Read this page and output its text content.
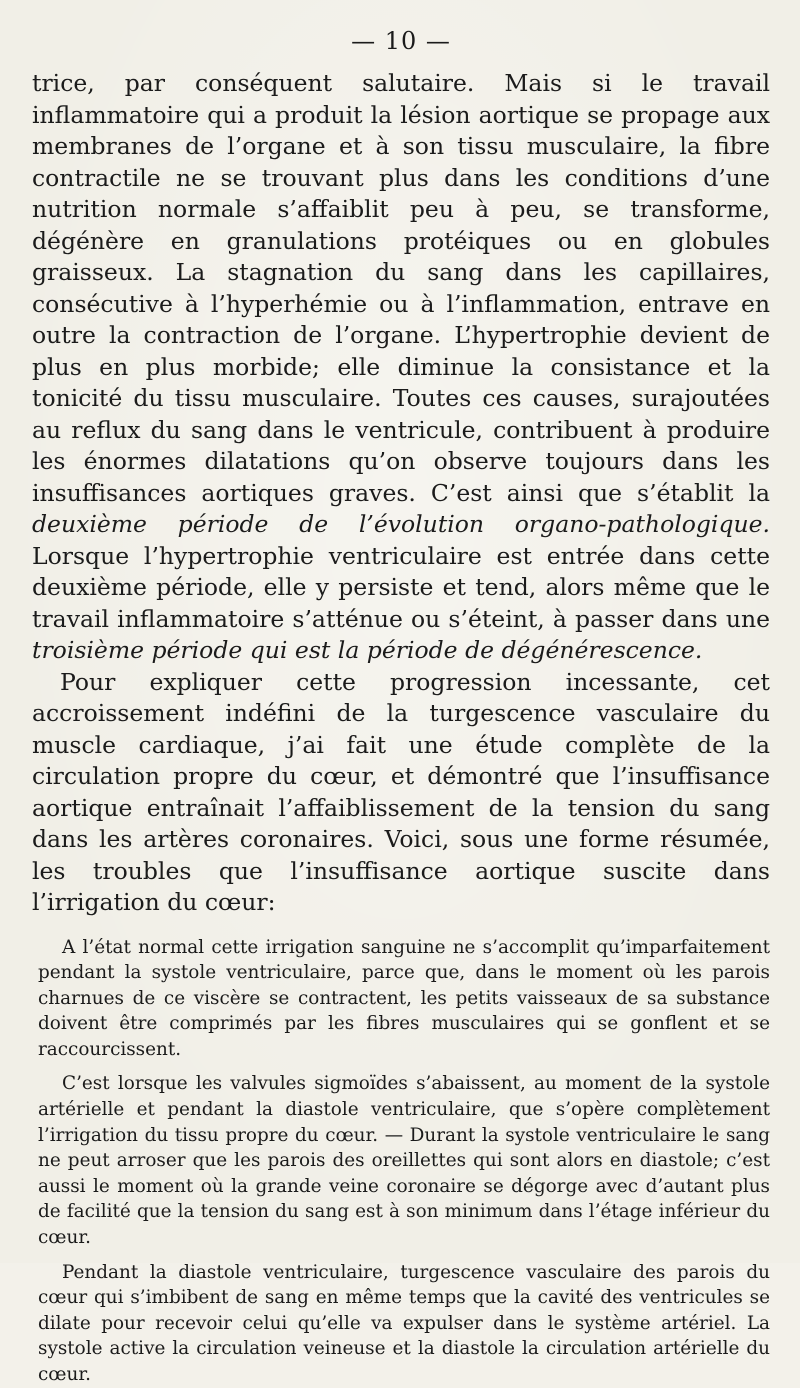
— 10 —

trice, par conséquent salutaire. Mais si le travail inflammatoire qui a produit la lésion aortique se propage aux membranes de l’organe et à son tissu musculaire, la fibre contractile ne se trouvant plus dans les conditions d’une nutrition normale s’affaiblit peu à peu, se transforme, dégénère en granulations protéiques ou en globules graisseux. La stagnation du sang dans les capillaires, consécutive à l’hyperhémie ou à l’inflammation, entrave en outre la contraction de l’organe. L’hypertrophie devient de plus en plus morbide; elle diminue la consistance et la tonicité du tissu musculaire. Toutes ces causes, surajoutées au reflux du sang dans le ventricule, contribuent à produire les énormes dilatations qu’on observe toujours dans les insuffisances aortiques graves. C’est ainsi que s’établit la deuxième période de l’évolution organo-pathologique. Lorsque l’hypertrophie ventriculaire est entrée dans cette deuxième période, elle y persiste et tend, alors même que le travail inflammatoire s’atténue ou s’éteint, à passer dans une troisième période qui est la période de dégénérescence.

Pour expliquer cette progression incessante, cet accroissement indéfini de la turgescence vasculaire du muscle cardiaque, j’ai fait une étude complète de la circulation propre du cœur, et démontré que l’insuffisance aortique entraînait l’affaiblissement de la tension du sang dans les artères coronaires. Voici, sous une forme résumée, les troubles que l’insuffisance aortique suscite dans l’irrigation du cœur:

A l’état normal cette irrigation sanguine ne s’accomplit qu’imparfaitement pendant la systole ventriculaire, parce que, dans le moment où les parois charnues de ce viscère se contractent, les petits vaisseaux de sa substance doivent être comprimés par les fibres musculaires qui se gonflent et se raccourcissent.

C’est lorsque les valvules sigmoïdes s’abaissent, au moment de la systole artérielle et pendant la diastole ventriculaire, que s’opère complètement l’irrigation du tissu propre du cœur. — Durant la systole ventriculaire le sang ne peut arroser que les parois des oreillettes qui sont alors en diastole; c’est aussi le moment où la grande veine coronaire se dégorge avec d’autant plus de facilité que la tension du sang est à son minimum dans l’étage inférieur du cœur.

Pendant la diastole ventriculaire, turgescence vasculaire des parois du cœur qui s’imbibent de sang en même temps que la cavité des ventricules se dilate pour recevoir celui qu’elle va expulser dans le système artériel. La systole active la circulation veineuse et la diastole la circulation artérielle du cœur.
